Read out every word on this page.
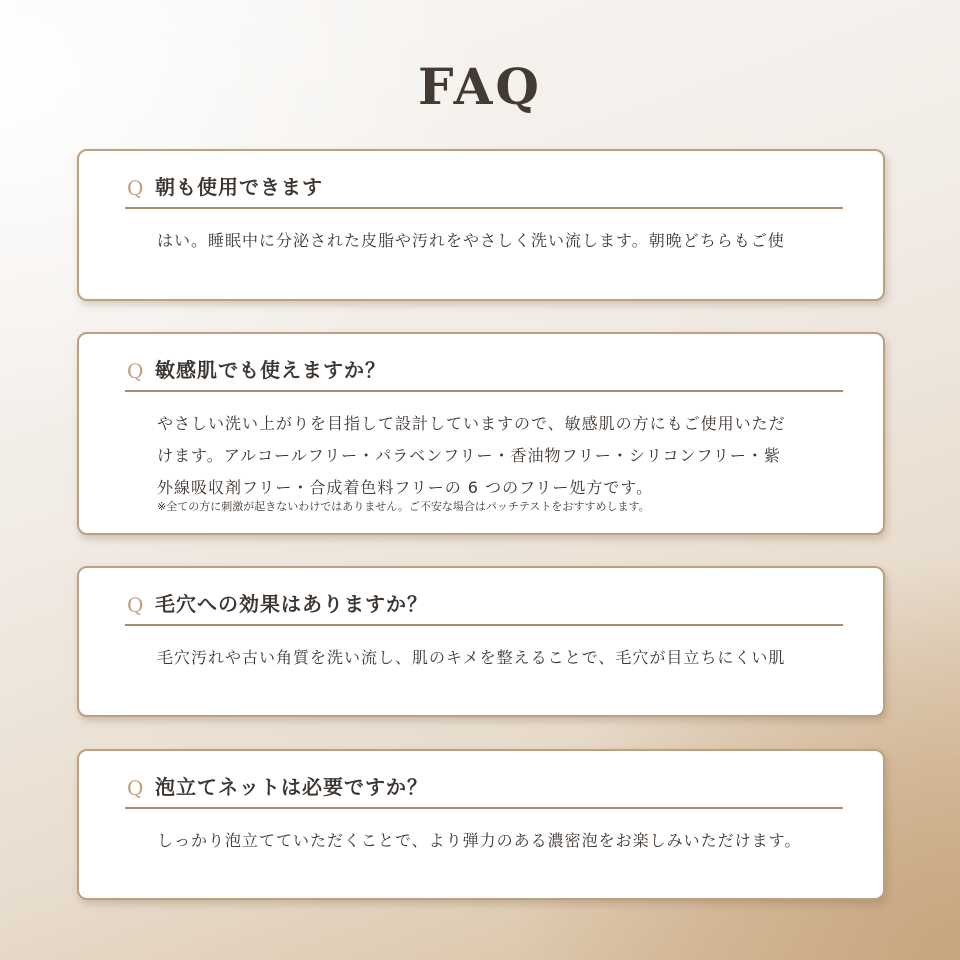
FAQ
Q 朝も使用できます
はい。睡眠中に分泌された皮脂や汚れをやさしく洗い流します。朝晩どちらもご使
Q 敏感肌でも使えますか？
やさしい洗い上がりを目指して設計していますので、敏感肌の方にもご使用いただ
けます。アルコールフリー・パラベンフリー・香油物フリー・シリコンフリー・紫
外線吸収剤フリー・合成着色料フリーの 6 つのフリー処方です。
※全ての方に刺激が起きないわけではありません。ご不安な場合はパッチテストをおすすめします。
Q 毛穴への効果はありますか？
毛穴汚れや古い角質を洗い流し、肌のキメを整えることで、毛穴が目立ちにくい肌
Q 泡立てネットは必要ですか？
しっかり泡立てていただくことで、より弾力のある濃密泡をお楽しみいただけます。
